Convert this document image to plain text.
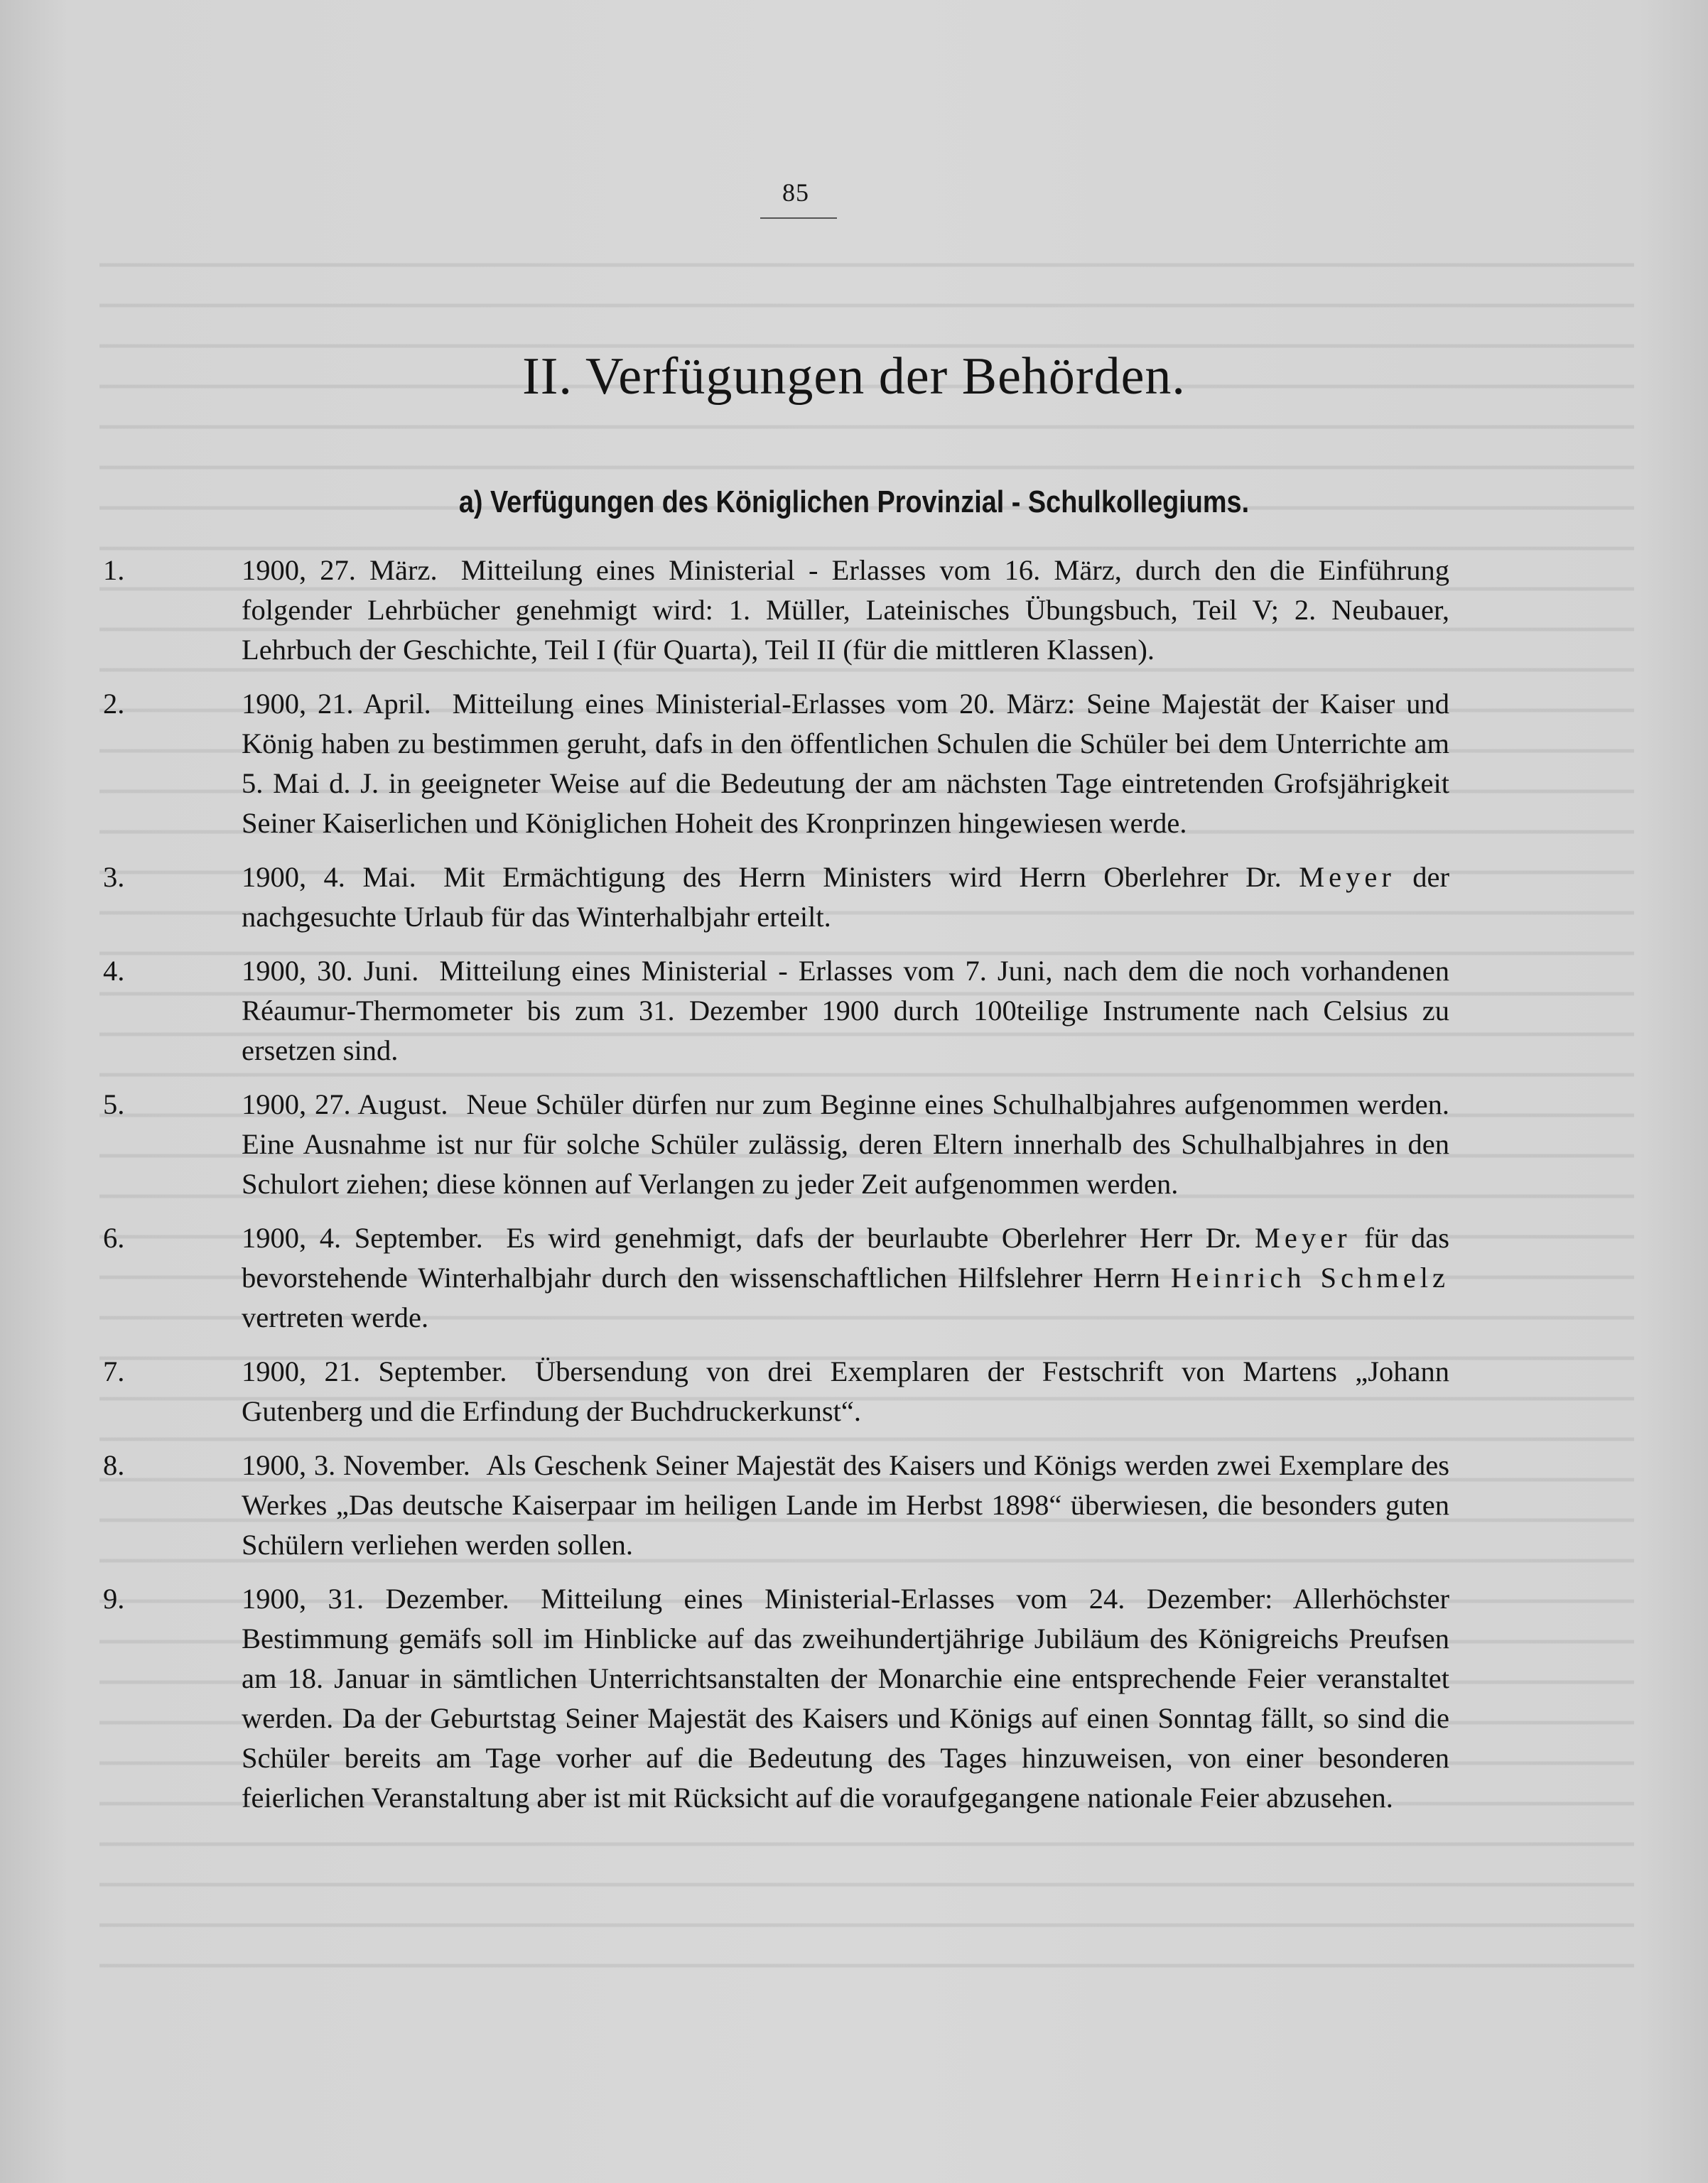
85
II. Verfügungen der Behörden.
a) Verfügungen des Königlichen Provinzial - Schulkollegiums.
1.	1900, 27. März. Mitteilung eines Ministerial - Erlasses vom 16. März, durch den die Einführung folgender Lehrbücher genehmigt wird: 1. Müller, Lateinisches Übungsbuch, Teil V; 2. Neubauer, Lehrbuch der Geschichte, Teil I (für Quarta), Teil II (für die mittleren Klassen).
2.	1900, 21. April. Mitteilung eines Ministerial-Erlasses vom 20. März: Seine Majestät der Kaiser und König haben zu bestimmen geruht, dafs in den öffentlichen Schulen die Schüler bei dem Unterrichte am 5. Mai d. J. in geeigneter Weise auf die Bedeutung der am nächsten Tage eintretenden Grofsjährigkeit Seiner Kaiserlichen und Königlichen Hoheit des Kronprinzen hingewiesen werde.
3.	1900, 4. Mai. Mit Ermächtigung des Herrn Ministers wird Herrn Oberlehrer Dr. Meyer der nachgesuchte Urlaub für das Winterhalbjahr erteilt.
4.	1900, 30. Juni. Mitteilung eines Ministerial - Erlasses vom 7. Juni, nach dem die noch vorhandenen Réaumur-Thermometer bis zum 31. Dezember 1900 durch 100teilige Instrumente nach Celsius zu ersetzen sind.
5.	1900, 27. August. Neue Schüler dürfen nur zum Beginne eines Schulhalbjahres aufgenommen werden. Eine Ausnahme ist nur für solche Schüler zulässig, deren Eltern innerhalb des Schulhalbjahres in den Schulort ziehen; diese können auf Verlangen zu jeder Zeit aufgenommen werden.
6.	1900, 4. September. Es wird genehmigt, dafs der beurlaubte Oberlehrer Herr Dr. Meyer für das bevorstehende Winterhalbjahr durch den wissenschaftlichen Hilfslehrer Herrn Heinrich Schmelz vertreten werde.
7.	1900, 21. September. Übersendung von drei Exemplaren der Festschrift von Martens „Johann Gutenberg und die Erfindung der Buchdruckerkunst“.
8.	1900, 3. November. Als Geschenk Seiner Majestät des Kaisers und Königs werden zwei Exemplare des Werkes „Das deutsche Kaiserpaar im heiligen Lande im Herbst 1898“ überwiesen, die besonders guten Schülern verliehen werden sollen.
9.	1900, 31. Dezember. Mitteilung eines Ministerial-Erlasses vom 24. Dezember: Allerhöchster Bestimmung gemäfs soll im Hinblicke auf das zweihundertjährige Jubiläum des Königreichs Preufsen am 18. Januar in sämtlichen Unterrichtsanstalten der Monarchie eine entsprechende Feier veranstaltet werden. Da der Geburtstag Seiner Majestät des Kaisers und Königs auf einen Sonntag fällt, so sind die Schüler bereits am Tage vorher auf die Bedeutung des Tages hinzuweisen, von einer besonderen feierlichen Veranstaltung aber ist mit Rücksicht auf die voraufgegangene nationale Feier abzusehen.
